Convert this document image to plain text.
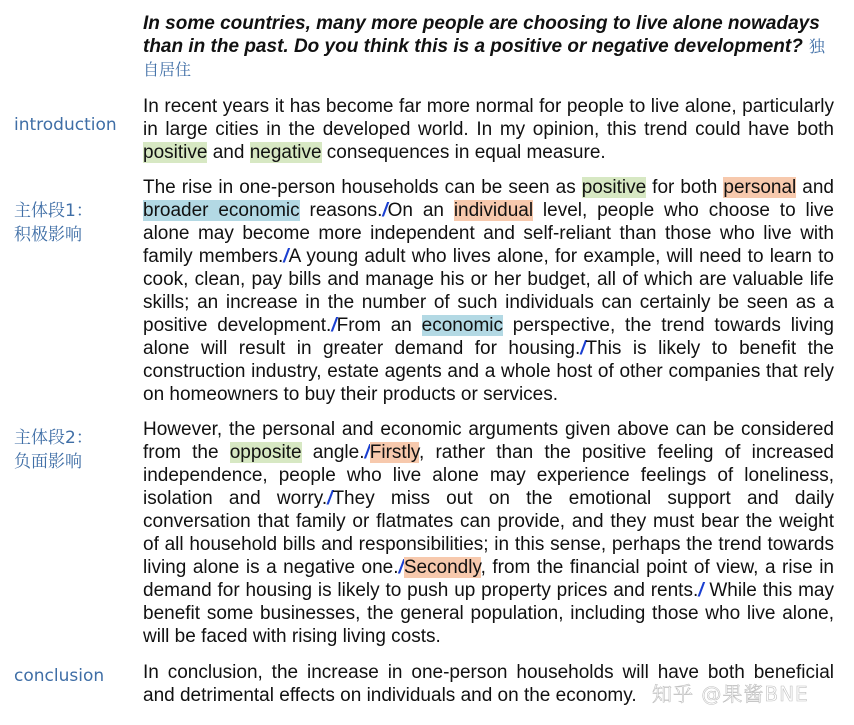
introduction
主体段1：
积极影响
主体段2：
负面影响
conclusion
In some countries, many more people are choosing to live alone nowadays than in the past. Do you think this is a positive or negative development? 独自居住
In recent years it has become far more normal for people to live alone, particularly in large cities in the developed world. In my opinion, this trend could have both positive and negative consequences in equal measure.
The rise in one-person households can be seen as positive for both personal and broader economic reasons./On an individual level, people who choose to live alone may become more independent and self-reliant than those who live with family members./A young adult who lives alone, for example, will need to learn to cook, clean, pay bills and manage his or her budget, all of which are valuable life skills; an increase in the number of such individuals can certainly be seen as a positive development./From an economic perspective, the trend towards living alone will result in greater demand for housing./This is likely to benefit the construction industry, estate agents and a whole host of other companies that rely on homeowners to buy their products or services.
However, the personal and economic arguments given above can be considered from the opposite angle./Firstly, rather than the positive feeling of increased independence, people who live alone may experience feelings of loneliness, isolation and worry./They miss out on the emotional support and daily conversation that family or flatmates can provide, and they must bear the weight of all household bills and responsibilities; in this sense, perhaps the trend towards living alone is a negative one./Secondly, from the financial point of view, a rise in demand for housing is likely to push up property prices and rents./ While this may benefit some businesses, the general population, including those who live alone, will be faced with rising living costs.
In conclusion, the increase in one-person households will have both beneficial and detrimental effects on individuals and on the economy. 知乎 @果酱BNE
